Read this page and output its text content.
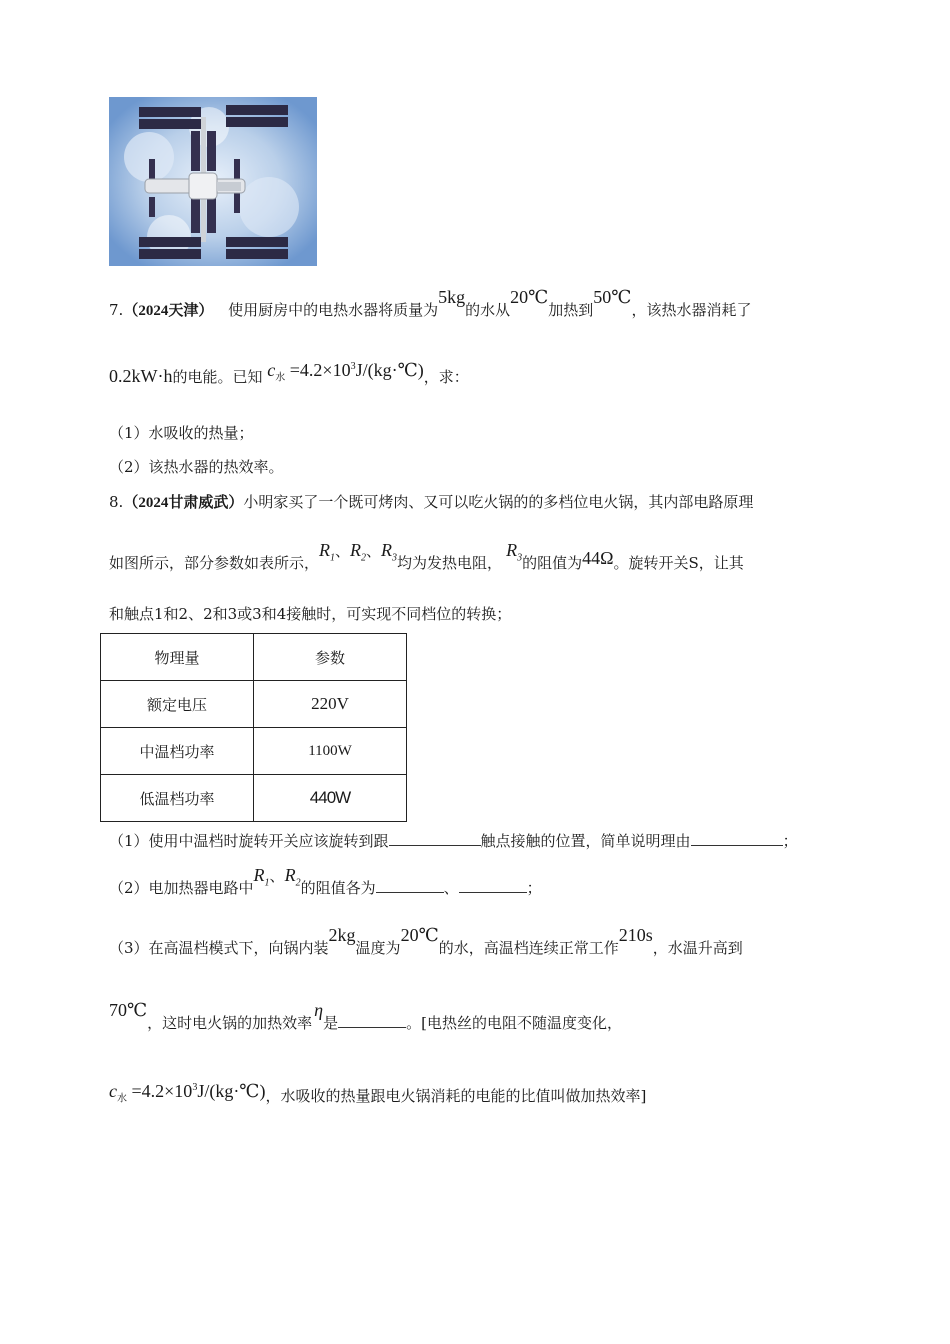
7.（2024天津） 使用厨房中的电热水器将质量为5kg的水从20℃加热到50℃，该热水器消耗了
0.2kW·h的电能。已知 $c_水$ $=4.2\times 10^3J/(kg\cdot℃)$，求：
（1）水吸收的热量；
（2）该热水器的热效率。
8.（2024甘肃威武）小明家买了一个既可烤肉、又可以吃火锅的的多档位电火锅，其内部电路原理
如图所示，部分参数如表所示，$R_1$、$R_2$、$R_3$均为发热电阻，$R_3$的阻值为44Ω。旋转开关S，让其
和触点1和2、2和3或3和4接触时，可实现不同档位的转换；
物理量	参数
额定电压	220V
中温档功率	1100W
低温档功率	440W
（1）使用中温档时旋转开关应该旋转到跟	触点接触的位置，简单说明理由	；
（2）电加热器电路中$R_1$、$R_2$的阻值各为	、	；
（3）在高温档模式下，向锅内装2kg温度为20℃的水，高温档连续正常工作210s，水温升高到
70℃，这时电火锅的加热效率η是	。[电热丝的电阻不随温度变化，
$c_水$ $=4.2\times 10^3J/(kg\cdot℃)$，水吸收的热量跟电火锅消耗的电能的比值叫做加热效率]
